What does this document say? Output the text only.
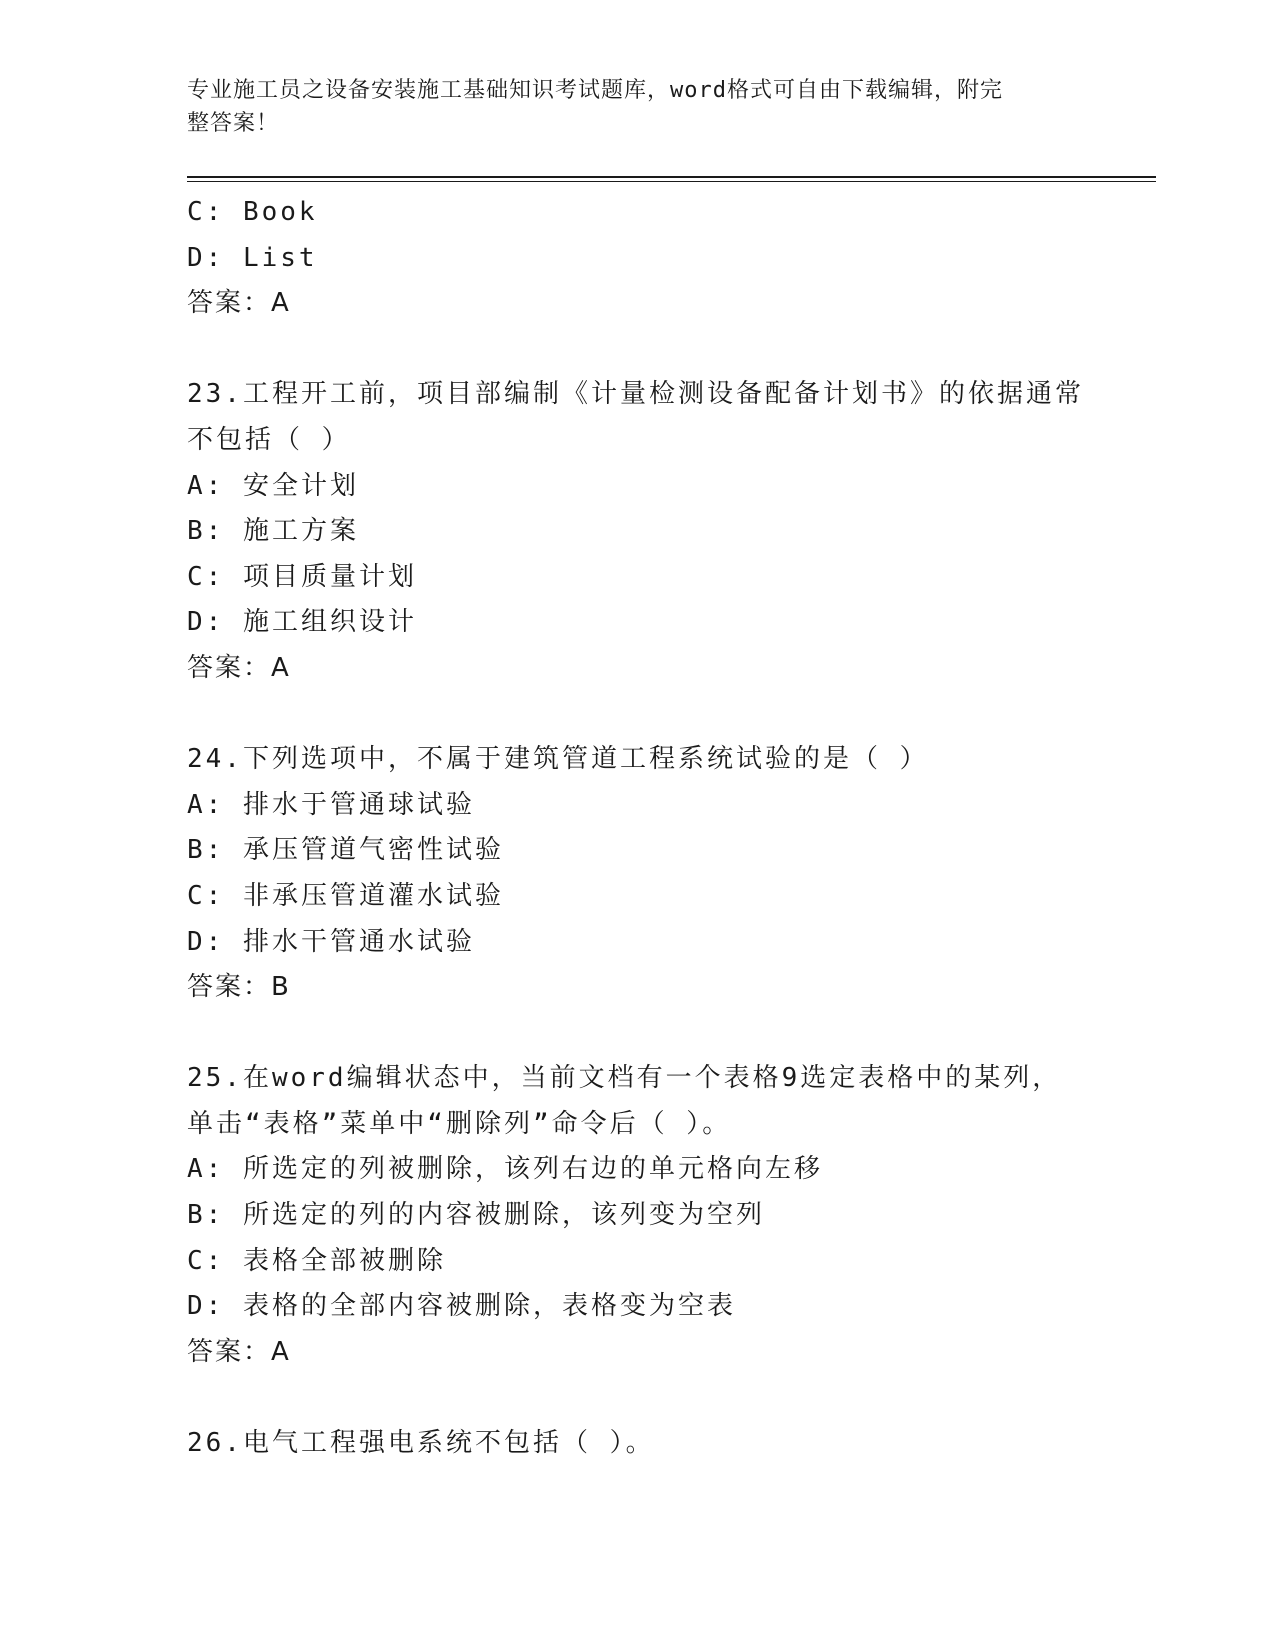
专业施工员之设备安装施工基础知识考试题库，word格式可自由下载编辑，附完
整答案！
C: Book
D: List
答案：A
23.工程开工前，项目部编制《计量检测设备配备计划书》的依据通常
不包括（ ）
A: 安全计划
B: 施工方案
C: 项目质量计划
D: 施工组织设计
答案：A
24.下列选项中，不属于建筑管道工程系统试验的是（ ）
A: 排水于管通球试验
B: 承压管道气密性试验
C: 非承压管道灌水试验
D: 排水干管通水试验
答案：B
25.在word编辑状态中，当前文档有一个表格9选定表格中的某列，
单击“表格”菜单中“删除列”命令后（ ）。
A: 所选定的列被删除，该列右边的单元格向左移
B: 所选定的列的内容被删除，该列变为空列
C: 表格全部被删除
D: 表格的全部内容被删除，表格变为空表
答案：A
26.电气工程强电系统不包括（ ）。
